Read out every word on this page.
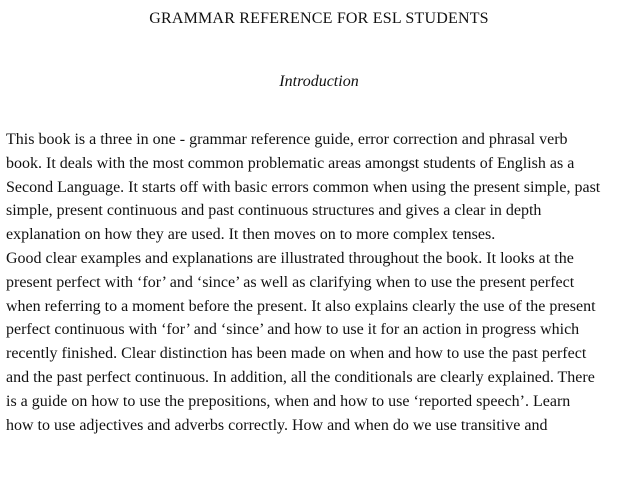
GRAMMAR REFERENCE FOR ESL STUDENTS
Introduction
This book is a three in one - grammar reference guide, error correction and phrasal verb
book. It deals with the most common problematic areas amongst students of English as a
Second Language. It starts off with basic errors common when using the present simple, past
simple, present continuous and past continuous structures and gives a clear in depth
explanation on how they are used. It then moves on to more complex tenses.
Good clear examples and explanations are illustrated throughout the book. It looks at the
present perfect with ‘for’ and ‘since’ as well as clarifying when to use the present perfect
when referring to a moment before the present. It also explains clearly the use of the present
perfect continuous with ‘for’ and ‘since’ and how to use it for an action in progress which
recently finished. Clear distinction has been made on when and how to use the past perfect
and the past perfect continuous. In addition, all the conditionals are clearly explained. There
is a guide on how to use the prepositions, when and how to use ‘reported speech’. Learn
how to use adjectives and adverbs correctly. How and when do we use transitive and
